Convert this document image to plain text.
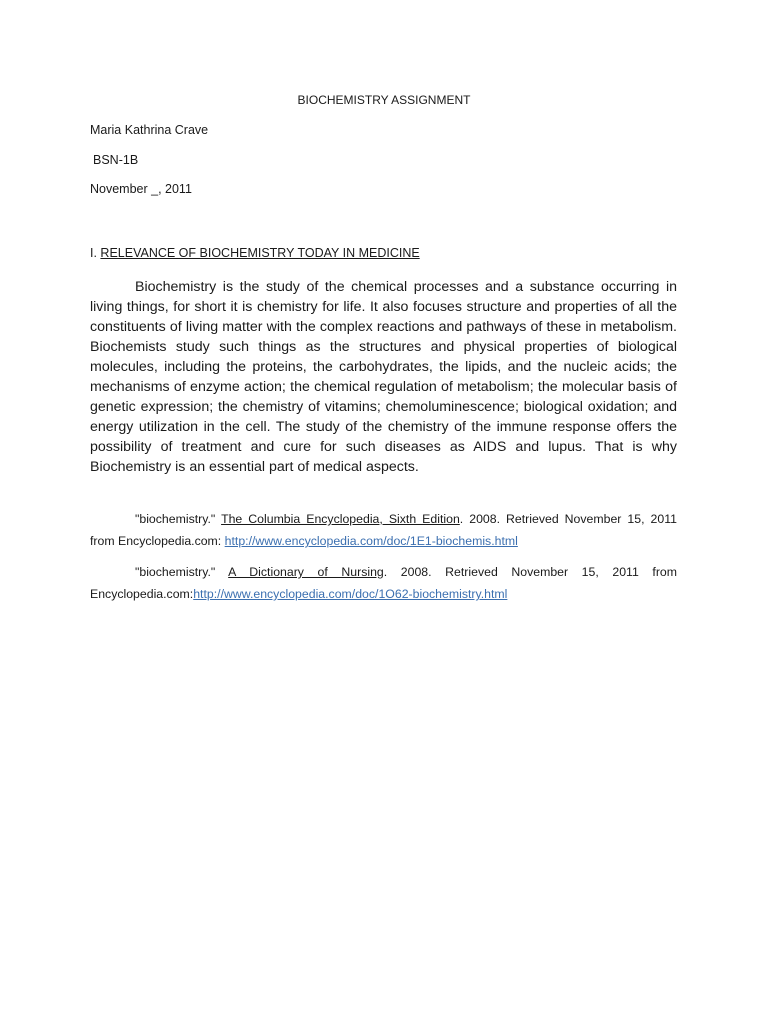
BIOCHEMISTRY ASSIGNMENT
Maria Kathrina Crave
BSN-1B
November _, 2011
I. RELEVANCE OF BIOCHEMISTRY TODAY IN MEDICINE

Biochemistry is the study of the chemical processes and a substance occurring in living things, for short it is chemistry for life. It also focuses structure and properties of all the constituents of living matter with the complex reactions and pathways of these in metabolism. Biochemists study such things as the structures and physical properties of biological molecules, including the proteins, the carbohydrates, the lipids, and the nucleic acids; the mechanisms of enzyme action; the chemical regulation of metabolism; the molecular basis of genetic expression; the chemistry of vitamins; chemoluminescence; biological oxidation; and energy utilization in the cell. The study of the chemistry of the immune response offers the possibility of treatment and cure for such diseases as AIDS and lupus. That is why Biochemistry is an essential part of medical aspects.

"biochemistry." The Columbia Encyclopedia, Sixth Edition. 2008. Retrieved November 15, 2011 from Encyclopedia.com: http://www.encyclopedia.com/doc/1E1-biochemis.html

"biochemistry." A Dictionary of Nursing. 2008. Retrieved November 15, 2011 from Encyclopedia.com:http://www.encyclopedia.com/doc/1O62-biochemistry.html
